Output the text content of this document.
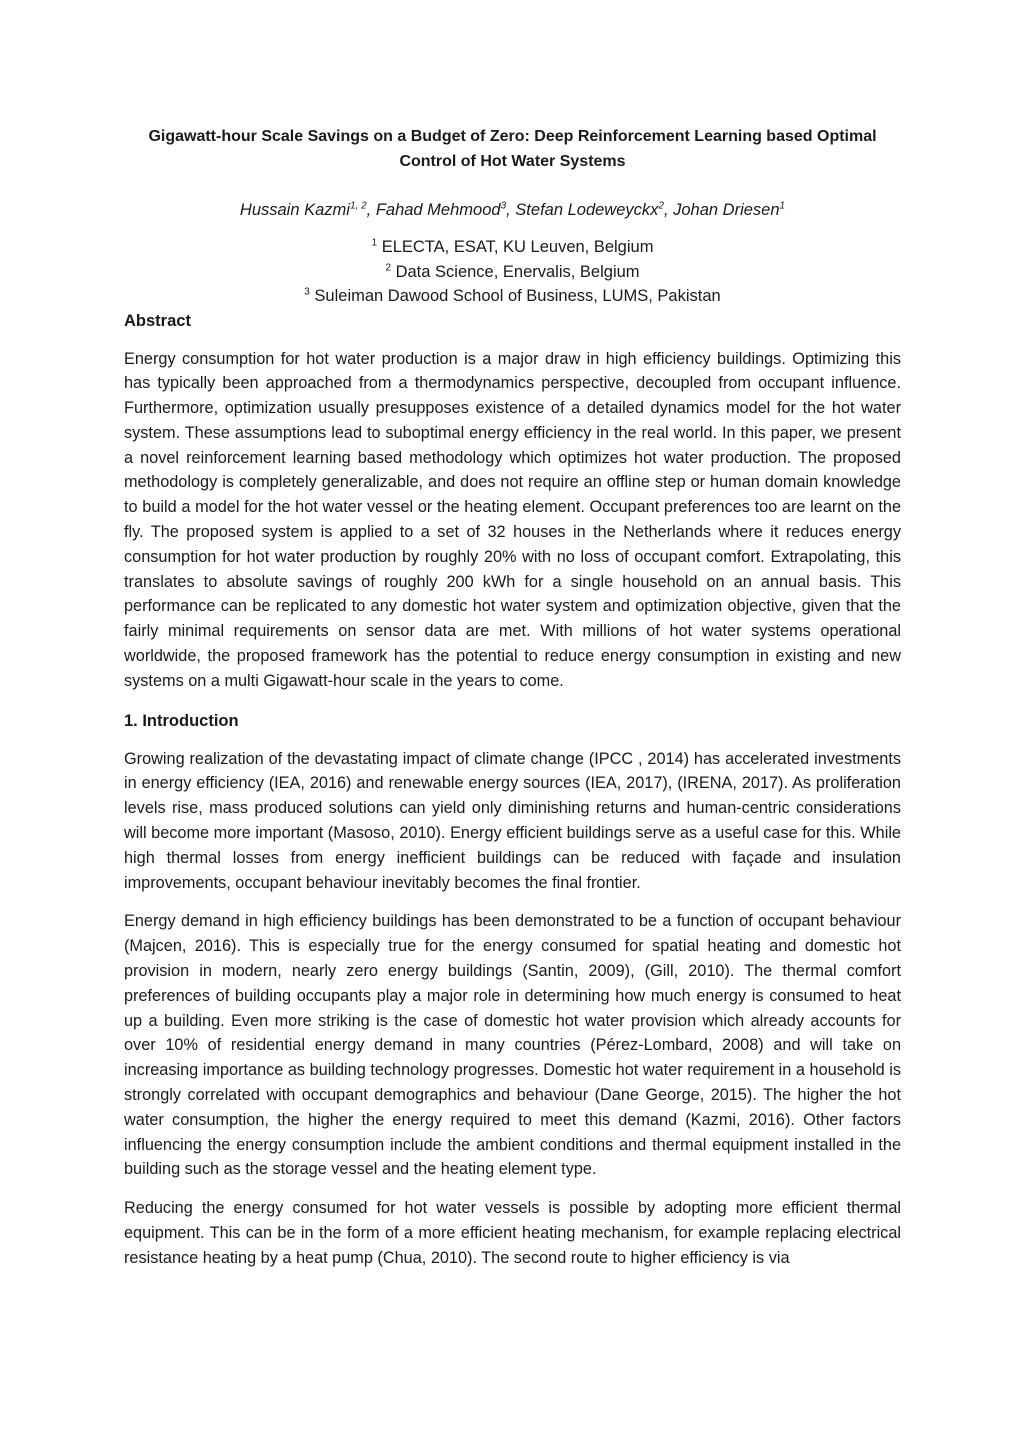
Gigawatt-hour Scale Savings on a Budget of Zero: Deep Reinforcement Learning based Optimal Control of Hot Water Systems
Hussain Kazmi$^{1, 2}$, Fahad Mehmood$^3$, Stefan Lodeweyckx$^2$, Johan Driesen$^1$
$^1$ ELECTA, ESAT, KU Leuven, Belgium
$^2$ Data Science, Enervalis, Belgium
$^3$ Suleiman Dawood School of Business, LUMS, Pakistan
Abstract

Energy consumption for hot water production is a major draw in high efficiency buildings. Optimizing this has typically been approached from a thermodynamics perspective, decoupled from occupant influence. Furthermore, optimization usually presupposes existence of a detailed dynamics model for the hot water system. These assumptions lead to suboptimal energy efficiency in the real world. In this paper, we present a novel reinforcement learning based methodology which optimizes hot water production. The proposed methodology is completely generalizable, and does not require an offline step or human domain knowledge to build a model for the hot water vessel or the heating element. Occupant preferences too are learnt on the fly. The proposed system is applied to a set of 32 houses in the Netherlands where it reduces energy consumption for hot water production by roughly 20% with no loss of occupant comfort. Extrapolating, this translates to absolute savings of roughly 200 kWh for a single household on an annual basis. This performance can be replicated to any domestic hot water system and optimization objective, given that the fairly minimal requirements on sensor data are met. With millions of hot water systems operational worldwide, the proposed framework has the potential to reduce energy consumption in existing and new systems on a multi Gigawatt-hour scale in the years to come.

1. Introduction

Growing realization of the devastating impact of climate change (IPCC , 2014) has accelerated investments in energy efficiency (IEA, 2016) and renewable energy sources (IEA, 2017), (IRENA, 2017). As proliferation levels rise, mass produced solutions can yield only diminishing returns and human-centric considerations will become more important (Masoso, 2010). Energy efficient buildings serve as a useful case for this. While high thermal losses from energy inefficient buildings can be reduced with façade and insulation improvements, occupant behaviour inevitably becomes the final frontier.

Energy demand in high efficiency buildings has been demonstrated to be a function of occupant behaviour (Majcen, 2016). This is especially true for the energy consumed for spatial heating and domestic hot provision in modern, nearly zero energy buildings (Santin, 2009), (Gill, 2010). The thermal comfort preferences of building occupants play a major role in determining how much energy is consumed to heat up a building. Even more striking is the case of domestic hot water provision which already accounts for over 10% of residential energy demand in many countries (Pérez-Lombard, 2008) and will take on increasing importance as building technology progresses. Domestic hot water requirement in a household is strongly correlated with occupant demographics and behaviour (Dane George, 2015). The higher the hot water consumption, the higher the energy required to meet this demand (Kazmi, 2016). Other factors influencing the energy consumption include the ambient conditions and thermal equipment installed in the building such as the storage vessel and the heating element type.

Reducing the energy consumed for hot water vessels is possible by adopting more efficient thermal equipment. This can be in the form of a more efficient heating mechanism, for example replacing electrical resistance heating by a heat pump (Chua, 2010). The second route to higher efficiency is via
